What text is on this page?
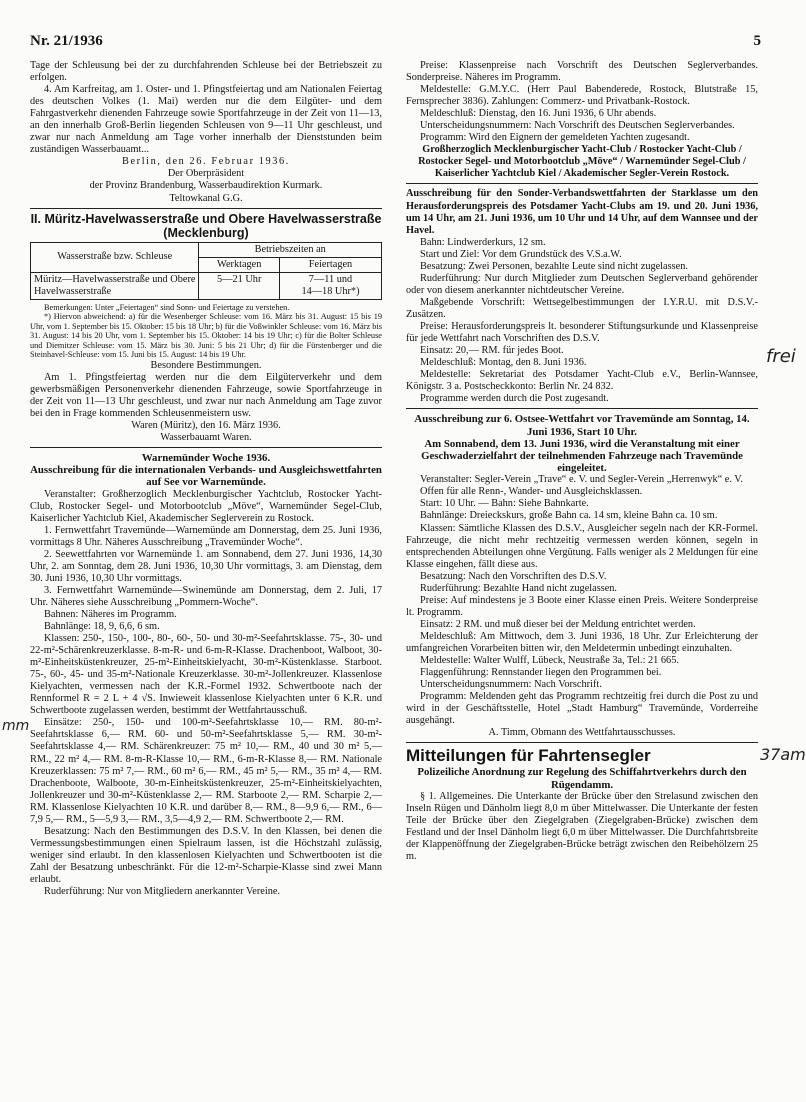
Nr. 21/1936	5

Tage der Schleusung bei der zu durchfahrenden Schleuse bei der Betriebszeit zu erfolgen.

4. Am Karfreitag, am 1. Oster- und 1. Pfingstfeiertag und am Nationalen Feiertag des deutschen Volkes (1. Mai) werden nur die dem Eilgüter- und dem Fahrgastverkehr dienenden Fahrzeuge sowie Sportfahrzeuge in der Zeit von 11—13, an den innerhalb Groß-Berlin liegenden Schleusen von 9—11 Uhr geschleust, und zwar nur nach Anmeldung am Tage vorher innerhalb der Dienststunden beim zuständigen Wasserbauamt...

Berlin, den 26. Februar 1936.

Der Oberpräsident

der Provinz Brandenburg, Wasserbaudirektion Kurmark.

Teltowkanal G.G.

II. Müritz-Havelwasserstraße und Obere Havelwasserstraße (Mecklenburg)

Wasserstraße bzw. Schleuse	Betriebszeiten an	
	Werktagen	Feiertagen
Müritz—Havelwasserstraße und Obere Havelwasserstraße	5—21 Uhr	7—11 und
14—18 Uhr*)

Bemerkungen: Unter „Feiertagen“ sind Sonn- und Feiertage zu verstehen.

*) Hiervon abweichend: a) für die Wesenberger Schleuse: vom 16. März bis 31. August: 15 bis 19 Uhr, vom 1. September bis 15. Oktober: 15 bis 18 Uhr; b) für die Voßwinkler Schleuse: vom 16. März bis 31. August: 14 bis 20 Uhr, vom 1. September bis 15. Oktober: 14 bis 19 Uhr; c) für die Bolter Schleuse und Diemitzer Schleuse: vom 15. März bis 30. Juni: 5 bis 21 Uhr; d) für die Fürstenberger und die Steinhavel-Schleuse: vom 15. Juni bis 15. August: 14 bis 19 Uhr.

Besondere Bestimmungen.

Am 1. Pfingstfeiertag werden nur die dem Eilgüterverkehr und dem gewerbsmäßigen Personenverkehr dienenden Fahrzeuge, sowie Sportfahrzeuge in der Zeit von 11—13 Uhr geschleust, und zwar nur nach Anmeldung am Tage zuvor bei den in Frage kommenden Schleusenmeistern usw.

Waren (Müritz), den 16. März 1936.

Wasserbauamt Waren.

Warnemünder Woche 1936.

Ausschreibung für die internationalen Verbands- und Ausgleichswettfahrten auf See vor Warnemünde.

Veranstalter: Großherzoglich Mecklenburgischer Yachtclub, Rostocker Yacht-Club, Rostocker Segel- und Motorbootclub „Möve“, Warnemünder Segel-Club, Kaiserlicher Yachtclub Kiel, Akademischer Seglerverein zu Rostock.

1. Fernwettfahrt Travemünde—Warnemünde am Donnerstag, dem 25. Juni 1936, vormittags 8 Uhr. Näheres Ausschreibung „Travemünder Woche“.

2. Seewettfahrten vor Warnemünde 1. am Sonnabend, dem 27. Juni 1936, 14,30 Uhr, 2. am Sonntag, dem 28. Juni 1936, 10,30 Uhr vormittags, 3. am Dienstag, dem 30. Juni 1936, 10,30 Uhr vormittags.

3. Fernwettfahrt Warnemünde—Swinemünde am Donnerstag, dem 2. Juli, 17 Uhr. Näheres siehe Ausschreibung „Pommern-Woche“.

Bahnen: Näheres im Programm.

Bahnlänge: 18, 9, 6,6, 6 sm.

Klassen: 250-, 150-, 100-, 80-, 60-, 50- und 30-m²-Seefahrtsklasse. 75-, 30- und 22-m²-Schärenkreuzerklasse. 8-m-R- und 6-m-R-Klasse. Drachenboot, Walboot, 30-m²-Einheitsküstenkreuzer, 25-m²-Einheitskielyacht, 30-m²-Küstenklasse. Starboot. 75-, 60-, 45- und 35-m²-Nationale Kreuzerklasse. 30-m²-Jollenkreuzer. Klassenlose Kielyachten, vermessen nach der K.R.-Formel 1932. Schwertboote nach der Rennformel R = 2 L + 4 √S. Inwieweit klassenlose Kielyachten unter 6 K.R. und Schwertboote zugelassen werden, bestimmt der Wettfahrtausschuß.

Einsätze: 250-, 150- und 100-m²-Seefahrtsklasse 10,— RM. 80-m²-Seefahrtsklasse 6,— RM. 60- und 50-m²-Seefahrtsklasse 5,— RM. 30-m²-Seefahrtsklasse 4,— RM. Schärenkreuzer: 75 m² 10,— RM., 40 und 30 m² 5,— RM., 22 m² 4,— RM. 8-m-R-Klasse 10,— RM., 6-m-R-Klasse 8,— RM. Nationale Kreuzerklassen: 75 m² 7,— RM., 60 m² 6,— RM., 45 m² 5,— RM., 35 m² 4,— RM. Drachenboote, Walboote, 30-m-Einheitsküstenkreuzer, 25-m²-Einheitskielyachten, Jollenkreuzer und 30-m²-Küstenklasse 2,— RM. Starboote 2,— RM. Scharpie 2,— RM. Klassenlose Kielyachten 10 K.R. und darüber 8,— RM., 8—9,9 6,— RM., 6—7,9 5,— RM., 5—5,9 3,— RM., 3,5—4,9 2,— RM. Schwertboote 2,— RM.

Besatzung: Nach den Bestimmungen des D.S.V. In den Klassen, bei denen die Vermessungsbestimmungen einen Spielraum lassen, ist die Höchstzahl zulässig, weniger sind erlaubt. In den klassenlosen Kielyachten und Schwertbooten ist die Zahl der Besatzung unbeschränkt. Für die 12-m²-Scharpie-Klasse sind zwei Mann erlaubt.

Ruderführung: Nur von Mitgliedern anerkannter Vereine.

Preise: Klassenpreise nach Vorschrift des Deutschen Seglerverbandes. Sonderpreise. Näheres im Programm.

Meldestelle: G.M.Y.C. (Herr Paul Babenderede, Rostock, Blutstraße 15, Fernsprecher 3836). Zahlungen: Commerz- und Privatbank-Rostock.

Meldeschluß: Dienstag, den 16. Juni 1936, 6 Uhr abends.

Unterscheidungsnummern: Nach Vorschrift des Deutschen Seglerverbandes.

Programm: Wird den Eignern der gemeldeten Yachten zugesandt.

Großherzoglich Mecklenburgischer Yacht-Club / Rostocker Yacht-Club / Rostocker Segel- und Motorbootclub „Möve“ / Warnemünder Segel-Club / Kaiserlicher Yachtclub Kiel / Akademischer Segler-Verein Rostock.

Ausschreibung für den Sonder-Verbandswettfahrten der Starklasse um den Herausforderungspreis des Potsdamer Yacht-Clubs am 19. und 20. Juni 1936, um 14 Uhr, am 21. Juni 1936, um 10 Uhr und 14 Uhr, auf dem Wannsee und der Havel.

Bahn: Lindwerderkurs, 12 sm.

Start und Ziel: Vor dem Grundstück des V.S.a.W.

Besatzung: Zwei Personen, bezahlte Leute sind nicht zugelassen.

Ruderführung: Nur durch Mitglieder zum Deutschen Seglerverband gehörender oder von diesem anerkannter nichtdeutscher Vereine.

Maßgebende Vorschrift: Wettsegelbestimmungen der I.Y.R.U. mit D.S.V.-Zusätzen.

Preise: Herausforderungspreis lt. besonderer Stiftungsurkunde und Klassenpreise für jede Wettfahrt nach Vorschriften des D.S.V.

Einsatz: 20,— RM. für jedes Boot.

Meldeschluß: Montag, den 8. Juni 1936.

Meldestelle: Sekretariat des Potsdamer Yacht-Club e.V., Berlin-Wannsee, Königstr. 3 a. Postscheckkonto: Berlin Nr. 24 832.

Programme werden durch die Post zugesandt.

Ausschreibung zur 6. Ostsee-Wettfahrt vor Travemünde am Sonntag, 14. Juni 1936, Start 10 Uhr.

Am Sonnabend, dem 13. Juni 1936, wird die Veranstaltung mit einer Geschwaderzielfahrt der teilnehmenden Fahrzeuge nach Travemünde eingeleitet.

Veranstalter: Segler-Verein „Trave“ e. V. und Segler-Verein „Herrenwyk“ e. V.

Offen für alle Renn-, Wander- und Ausgleichsklassen.

Start: 10 Uhr. — Bahn: Siehe Bahnkarte.

Bahnlänge: Dreieckskurs, große Bahn ca. 14 sm, kleine Bahn ca. 10 sm.

Klassen: Sämtliche Klassen des D.S.V., Ausgleicher segeln nach der KR-Formel. Fahrzeuge, die nicht mehr rechtzeitig vermessen werden können, segeln in entsprechenden Abteilungen ohne Vergütung. Falls weniger als 2 Meldungen für eine Klasse eingehen, fällt diese aus.

Besatzung: Nach den Vorschriften des D.S.V.

Ruderführung: Bezahlte Hand nicht zugelassen.

Preise: Auf mindestens je 3 Boote einer Klasse einen Preis. Weitere Sonderpreise lt. Programm.

Einsatz: 2 RM. und muß dieser bei der Meldung entrichtet werden.

Meldeschluß: Am Mittwoch, dem 3. Juni 1936, 18 Uhr. Zur Erleichterung der umfangreichen Vorarbeiten bitten wir, den Meldetermin unbedingt einzuhalten.

Meldestelle: Walter Wulff, Lübeck, Neustraße 3a, Tel.: 21 665.

Flaggenführung: Rennstander liegen den Programmen bei.

Unterscheidungsnummern: Nach Vorschrift.

Programm: Meldenden geht das Programm rechtzeitig frei durch die Post zu und wird in der Geschäftsstelle, Hotel „Stadt Hamburg“ Travemünde, Vorderreihe ausgehängt.

A. Timm, Obmann des Wettfahrtausschusses.

Mitteilungen für Fahrtensegler

Polizeiliche Anordnung zur Regelung des Schiffahrtverkehrs durch den Rügendamm.

§ 1. Allgemeines. Die Unterkante der Brücke über den Strelasund zwischen den Inseln Rügen und Dänholm liegt 8,0 m über Mittelwasser. Die Unterkante der festen Teile der Brücke über den Ziegelgraben (Ziegelgraben-Brücke) zwischen dem Festland und der Insel Dänholm liegt 6,0 m über Mittelwasser. Die Durchfahrtsbreite der Klappenöffnung der Ziegelgraben-Brücke beträgt zwischen den Reibehölzern 25 m.

frei
37am
mm
